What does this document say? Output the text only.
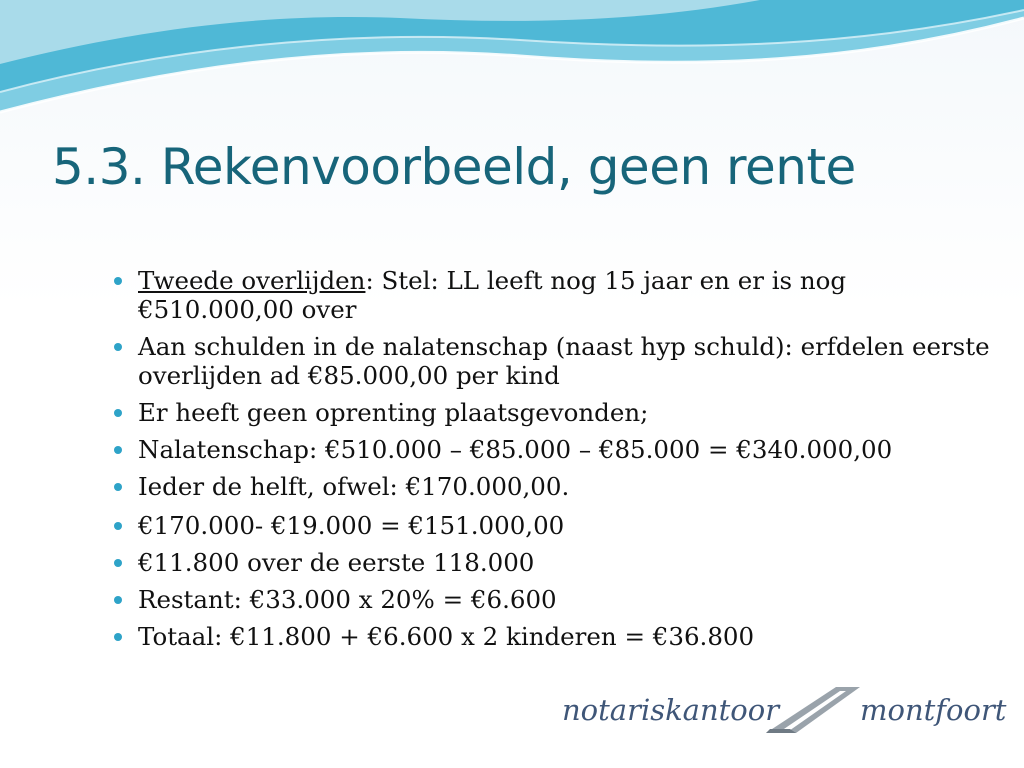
5.3. Rekenvoorbeeld, geen rente
Tweede overlijden: Stel: LL leeft nog 15 jaar en er is nog €510.000,00 over
Aan schulden in de nalatenschap (naast hyp schuld): erfdelen eerste overlijden ad €85.000,00 per kind
Er heeft geen oprenting plaatsgevonden;
Nalatenschap: €510.000 – €85.000 – €85.000 = €340.000,00
Ieder de helft, ofwel: €170.000,00.
€170.000- €19.000 = €151.000,00
€11.800 over de eerste 118.000
Restant: €33.000 x 20% = €6.600
Totaal: €11.800 + €6.600 x 2 kinderen = €36.800
notariskantoor	montfoort
